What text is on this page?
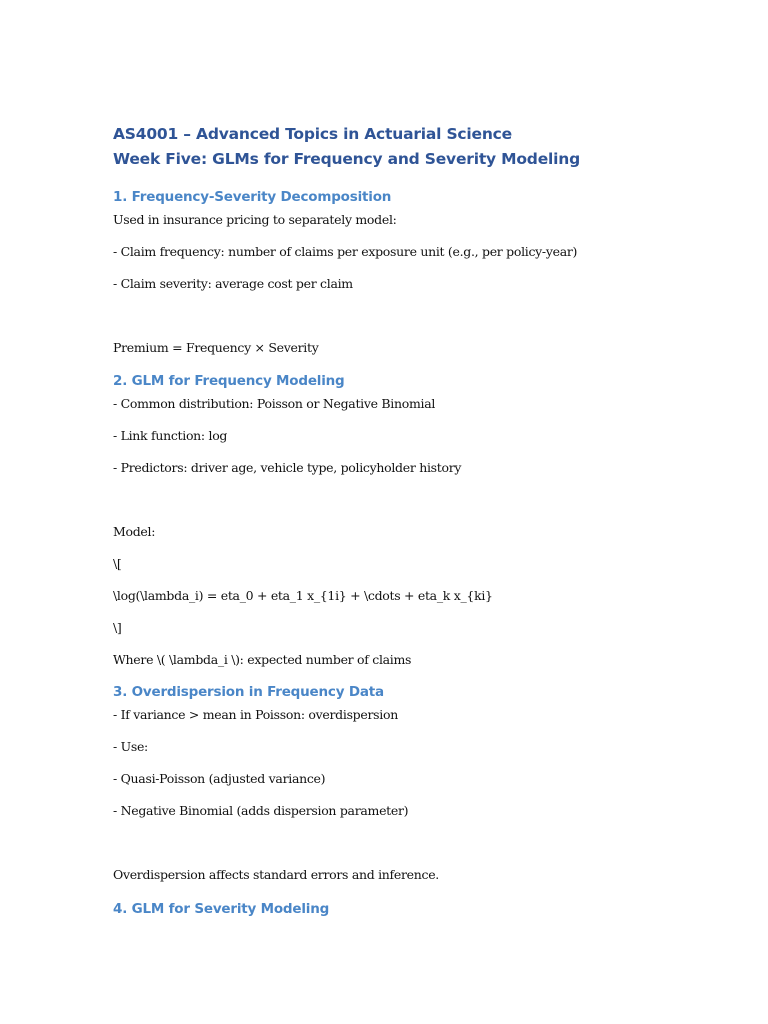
AS4001 – Advanced Topics in Actuarial Science
Week Five: GLMs for Frequency and Severity Modeling
1. Frequency-Severity Decomposition

Used in insurance pricing to separately model:

- Claim frequency: number of claims per exposure unit (e.g., per policy-year)

- Claim severity: average cost per claim

Premium = Frequency × Severity

2. GLM for Frequency Modeling

- Common distribution: Poisson or Negative Binomial

- Link function: log

- Predictors: driver age, vehicle type, policyholder history

Model:

\[

\log(\lambda_i) = eta_0 + eta_1 x_{1i} + \cdots + eta_k x_{ki}

\]

Where \( \lambda_i \): expected number of claims

3. Overdispersion in Frequency Data

- If variance > mean in Poisson: overdispersion

- Use:

- Quasi-Poisson (adjusted variance)

- Negative Binomial (adds dispersion parameter)

Overdispersion affects standard errors and inference.

4. GLM for Severity Modeling
